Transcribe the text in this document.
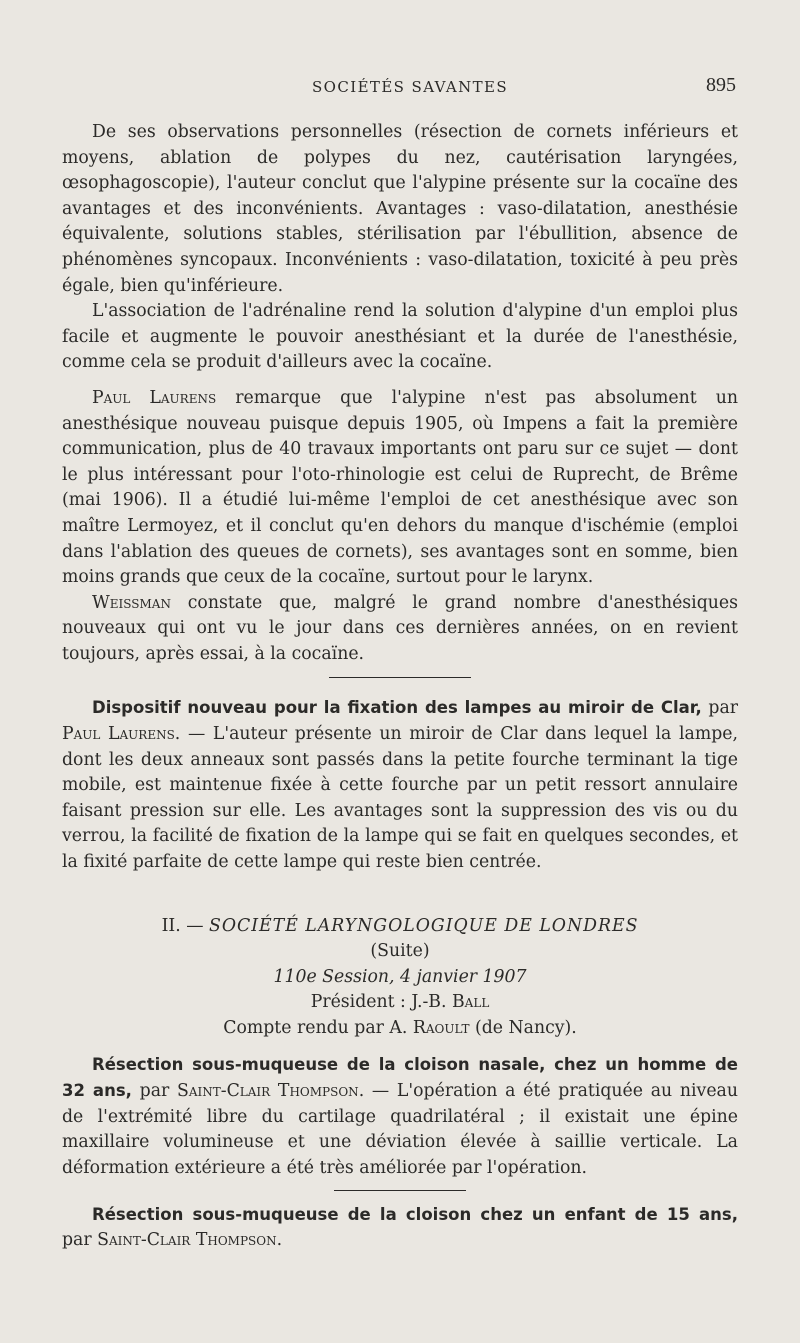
SOCIÉTÉS SAVANTES	895

De ses observations personnelles (résection de cornets inférieurs et moyens, ablation de polypes du nez, cautérisation laryngées, œsophagoscopie), l'auteur conclut que l'alypine présente sur la cocaïne des avantages et des inconvénients. Avantages : vaso-dilatation, anesthésie équivalente, solutions stables, stérilisation par l'ébullition, absence de phénomènes syncopaux. Inconvénients : vaso-dilatation, toxicité à peu près égale, bien qu'inférieure.

L'association de l'adrénaline rend la solution d'alypine d'un emploi plus facile et augmente le pouvoir anesthésiant et la durée de l'anesthésie, comme cela se produit d'ailleurs avec la cocaïne.

Paul Laurens remarque que l'alypine n'est pas absolument un anesthésique nouveau puisque depuis 1905, où Impens a fait la première communication, plus de 40 travaux importants ont paru sur ce sujet — dont le plus intéressant pour l'oto-rhinologie est celui de Ruprecht, de Brême (mai 1906). Il a étudié lui-même l'emploi de cet anesthésique avec son maître Lermoyez, et il conclut qu'en dehors du manque d'ischémie (emploi dans l'ablation des queues de cornets), ses avantages sont en somme, bien moins grands que ceux de la cocaïne, surtout pour le larynx.

Weissman constate que, malgré le grand nombre d'anesthésiques nouveaux qui ont vu le jour dans ces dernières années, on en revient toujours, après essai, à la cocaïne.

Dispositif nouveau pour la fixation des lampes au miroir de Clar, par Paul Laurens. — L'auteur présente un miroir de Clar dans lequel la lampe, dont les deux anneaux sont passés dans la petite fourche terminant la tige mobile, est maintenue fixée à cette fourche par un petit ressort annulaire faisant pression sur elle. Les avantages sont la suppression des vis ou du verrou, la facilité de fixation de la lampe qui se fait en quelques secondes, et la fixité parfaite de cette lampe qui reste bien centrée.

II. — SOCIÉTÉ LARYNGOLOGIQUE DE LONDRES

(Suite)

110e Session, 4 janvier 1907

Président : J.-B. Ball

Compte rendu par A. Raoult (de Nancy).

Résection sous-muqueuse de la cloison nasale, chez un homme de 32 ans, par Saint-Clair Thompson. — L'opération a été pratiquée au niveau de l'extrémité libre du cartilage quadrilatéral ; il existait une épine maxillaire volumineuse et une déviation élevée à saillie verticale. La déformation extérieure a été très améliorée par l'opération.

Résection sous-muqueuse de la cloison chez un enfant de 15 ans, par Saint-Clair Thompson.
